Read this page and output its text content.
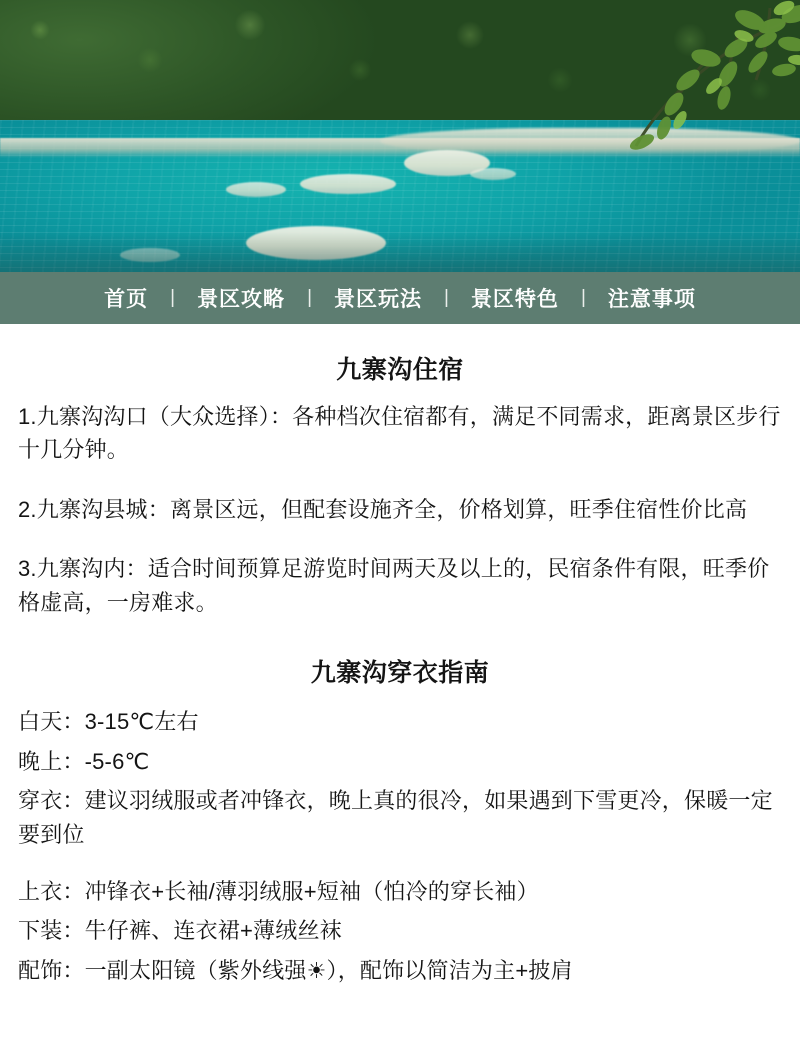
首页	|	景区攻略	|	景区玩法	|	景区特色	|	注意事项
九寨沟住宿

1.九寨沟沟口（大众选择）：各种档次住宿都有，满足不同需求，距离景区步行十几分钟。

2.九寨沟县城：离景区远，但配套设施齐全，价格划算，旺季住宿性价比高

3.九寨沟内：适合时间预算足游览时间两天及以上的，民宿条件有限，旺季价格虚高，一房难求。

九寨沟穿衣指南

白天：3-15℃左右

晚上：-5-6℃

穿衣：建议羽绒服或者冲锋衣，晚上真的很冷，如果遇到下雪更冷，保暖一定要到位

上衣：冲锋衣+长袖/薄羽绒服+短袖（怕冷的穿长袖）

下装：牛仔裤、连衣裙+薄绒丝袜

配饰：一副太阳镜（紫外线强☀），配饰以简洁为主+披肩
